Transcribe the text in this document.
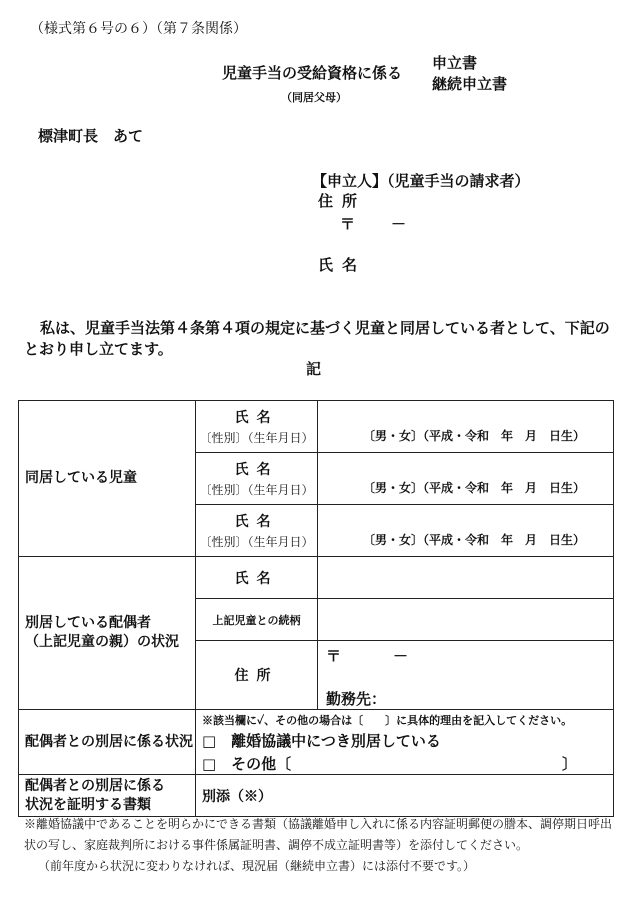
（様式第６号の６）（第７条関係）
児童手当の受給資格に係る
（同居父母）
申立書
継続申立書
標津町長　あて
【申立人】（児童手当の請求者）
住所
〒 －
氏名
私は、児童手当法第４条第４項の規定に基づく児童と同居している者として、下記のとおり申し立てます。
記
同居している児童	氏名
〔性別〕（生年月日）	〔男・女〕（平成・令和　年　月　日生）

	氏名
〔性別〕（生年月日）	〔男・女〕（平成・令和　年　月　日生）

	氏名
〔性別〕（生年月日）	〔男・女〕（平成・令和　年　月　日生）

別居している配偶者
（上記児童の親）の状況	氏名	

	上記児童との続柄	

	住所	〒 －
勤務先：

配偶者との別居に係る状況	※該当欄に✓、その他の場合は〔　　〕に具体的理由を記入してください。
□　離婚協議中につき別居している
□　その他〔 〕	

配偶者との別居に係る
状況を証明する書類	別添（※）	

※離婚協議中であることを明らかにできる書類（協議離婚申し入れに係る内容証明郵便の謄本、調停期日呼出状の写し、家庭裁判所における事件係属証明書、調停不成立証明書等）を添付してください。

（前年度から状況に変わりなければ、現況届（継続申立書）には添付不要です。）
